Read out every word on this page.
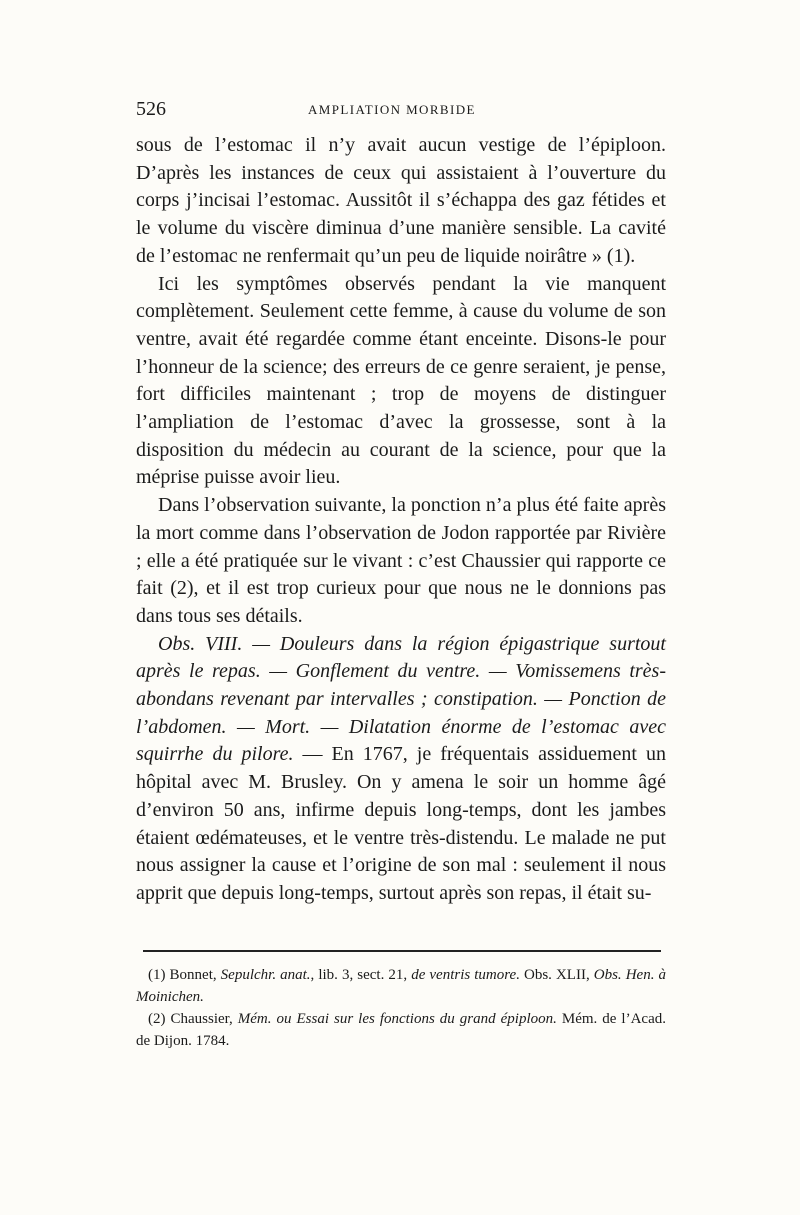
526	AMPLIATION MORBIDE

sous de l’estomac il n’y avait aucun vestige de l’épiploon. D’après les instances de ceux qui assistaient à l’ouverture du corps j’incisai l’estomac. Aussitôt il s’échappa des gaz fétides et le volume du viscère diminua d’une manière sensible. La cavité de l’estomac ne renfermait qu’un peu de liquide noirâtre » (1).

Ici les symptômes observés pendant la vie manquent complètement. Seulement cette femme, à cause du volume de son ventre, avait été regardée comme étant enceinte. Disons-le pour l’honneur de la science; des erreurs de ce genre seraient, je pense, fort difficiles maintenant ; trop de moyens de distinguer l’ampliation de l’estomac d’avec la grossesse, sont à la disposition du médecin au courant de la science, pour que la méprise puisse avoir lieu.

Dans l’observation suivante, la ponction n’a plus été faite après la mort comme dans l’observation de Jodon rapportée par Rivière ; elle a été pratiquée sur le vivant : c’est Chaussier qui rapporte ce fait (2), et il est trop curieux pour que nous ne le donnions pas dans tous ses détails.

Obs. VIII. — Douleurs dans la région épigastrique surtout après le repas. — Gonflement du ventre. — Vomissemens très-abondans revenant par intervalles ; constipation. — Ponction de l’abdomen. — Mort. — Dilatation énorme de l’estomac avec squirrhe du pilore. — En 1767, je fréquentais assiduement un hôpital avec M. Brusley. On y amena le soir un homme âgé d’environ 50 ans, infirme depuis long-temps, dont les jambes étaient œdémateuses, et le ventre très-distendu. Le malade ne put nous assigner la cause et l’origine de son mal : seulement il nous apprit que depuis long-temps, surtout après son repas, il était su-

(1) Bonnet, Sepulchr. anat., lib. 3, sect. 21, de ventris tumore. Obs. XLII, Obs. Hen. à Moinichen.

(2) Chaussier, Mém. ou Essai sur les fonctions du grand épiploon. Mém. de l’Acad. de Dijon. 1784.
